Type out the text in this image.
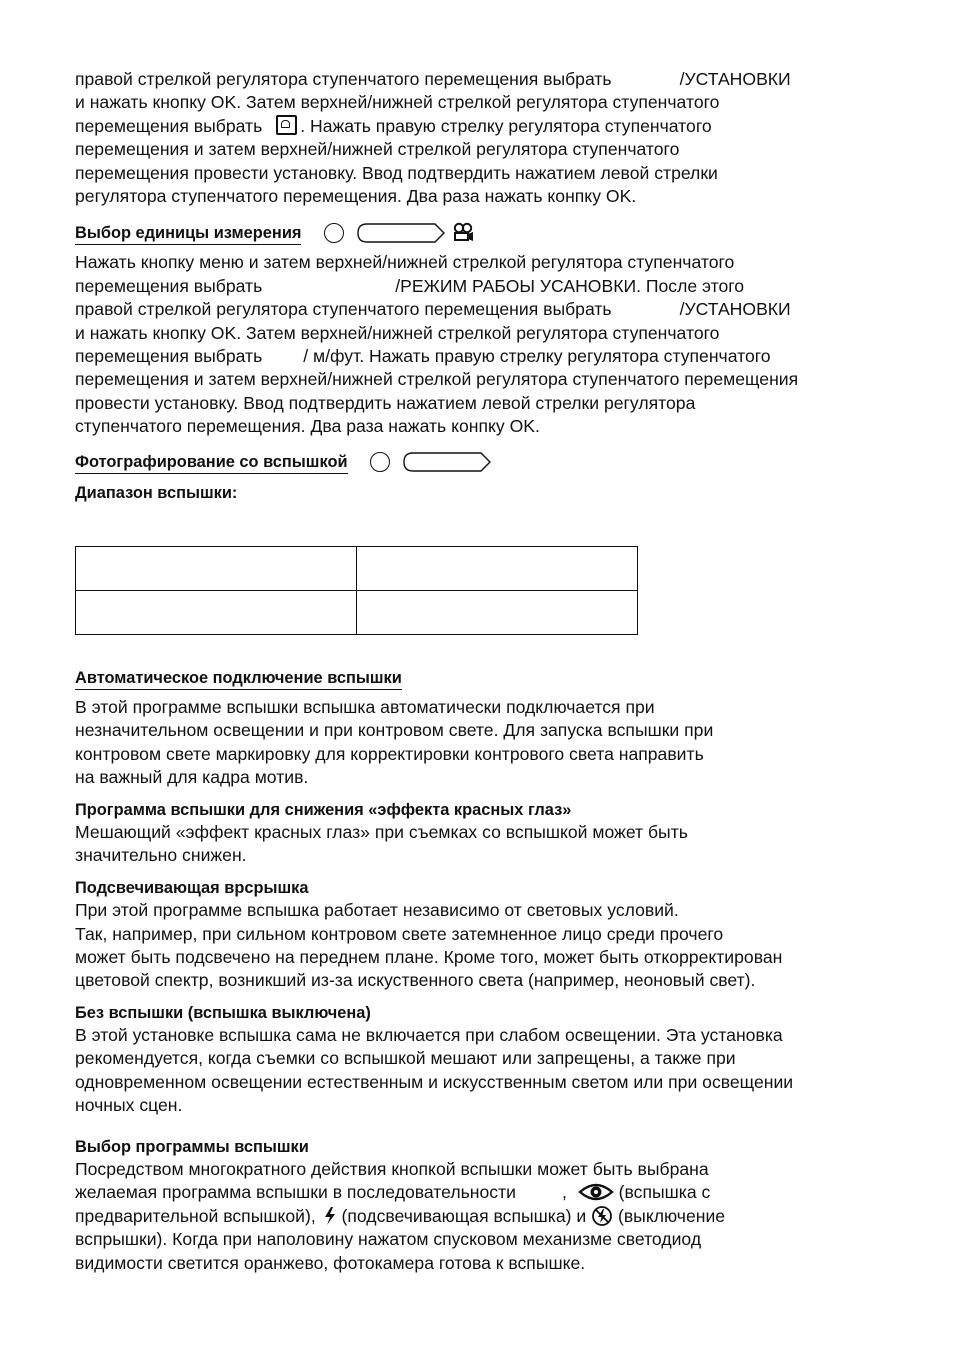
правой стрелкой регулятора ступенчатого перемещения выбрать	/УСТАНОВКИ
и нажать кнопку OK. Затем верхней/нижней стрелкой регулятора ступенчатого
перемещения выбрать . Нажать правую стрелку регулятора ступенчатого
перемещения и затем верхней/нижней стрелкой регулятора ступенчатого
перемещения провести установку. Ввод подтвердить нажатием левой стрелки
регулятора ступенчатого перемещения. Два раза нажать конпку OK.
Выбор единицы измерения
Нажать кнопку меню и затем верхней/нижней стрелкой регулятора ступенчатого
перемещения выбрать	/РЕЖИМ РАБОЫ УСАНОВКИ. После этого
правой стрелкой регулятора ступенчатого перемещения выбрать	/УСТАНОВКИ
и нажать кнопку OK. Затем верхней/нижней стрелкой регулятора ступенчатого
перемещения выбрать / м/фут. Нажать правую стрелку регулятора ступенчатого
перемещения и затем верхней/нижней стрелкой регулятора ступенчатого перемещения
провести установку. Ввод подтвердить нажатием левой стрелки регулятора
ступенчатого перемещения. Два раза нажать конпку OK.
Фотографирование со вспышкой
Диапазон вспышки:

Автоматическое подключение вспышки
В этой программе вспышки вспышка автоматически подключается при
незначительном освещении и при контровом свете. Для запуска вспышки при
контровом свете маркировку для корректировки контрового света направить
на важный для кадра мотив.
Программа вспышки для снижения «эффекта красных глаз»
Мешающий «эффект красных глаз» при съемках со вспышкой может быть
значительно снижен.
Подсвечивающая врсрышка
При этой программе вспышка работает независимо от световых условий.
Так, например, при сильном контровом свете затемненное лицо среди прочего
может быть подсвечено на переднем плане. Кроме того, может быть откорректирован
цветовой спектр, возникший из-за искуственного света (например, неоновый свет).
Без вспышки (вспышка выключена)
В этой установке вспышка сама не включается при слабом освещении. Эта установка
рекомендуется, когда съемки со вспышкой мешают или запрещены, а также при
одновременном освещении естественным и искусственным светом или при освещении
ночных сцен.
Выбор программы вспышки
Посредством многократного действия кнопкой вспышки может быть выбрана
желаемая программа вспышки в последовательности	,	(вспышка с
предварительной вспышкой), (подсвечивающая вспышка) и (выключение
вспрышки). Когда при наполовину нажатом спусковом механизме светодиод
видимости светится оранжево, фотокамера готова к вспышке.
